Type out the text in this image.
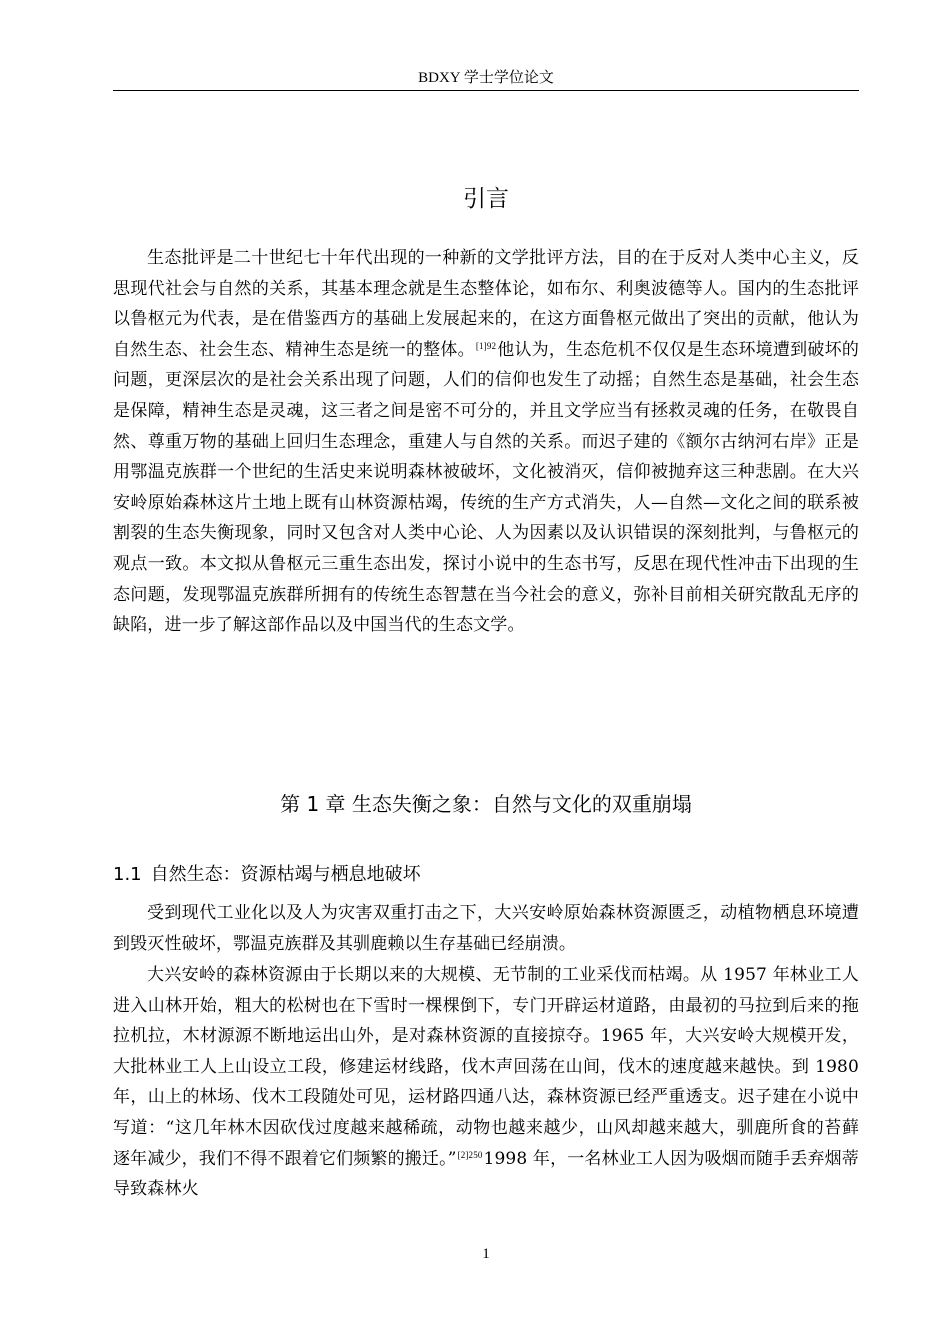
BDXY 学士学位论文
引言

生态批评是二十世纪七十年代出现的一种新的文学批评方法，目的在于反对人类中心主义，反思现代社会与自然的关系，其基本理念就是生态整体论，如布尔、利奥波德等人。国内的生态批评以鲁枢元为代表，是在借鉴西方的基础上发展起来的，在这方面鲁枢元做出了突出的贡献，他认为自然生态、社会生态、精神生态是统一的整体。$^{[1]92}$他认为，生态危机不仅仅是生态环境遭到破坏的问题，更深层次的是社会关系出现了问题，人们的信仰也发生了动摇；自然生态是基础，社会生态是保障，精神生态是灵魂，这三者之间是密不可分的，并且文学应当有拯救灵魂的任务，在敬畏自然、尊重万物的基础上回归生态理念，重建人与自然的关系。而迟子建的《额尔古纳河右岸》正是用鄂温克族群一个世纪的生活史来说明森林被破坏，文化被消灭，信仰被抛弃这三种悲剧。在大兴安岭原始森林这片土地上既有山林资源枯竭，传统的生产方式消失，人—自然—文化之间的联系被割裂的生态失衡现象，同时又包含对人类中心论、人为因素以及认识错误的深刻批判，与鲁枢元的观点一致。本文拟从鲁枢元三重生态出发，探讨小说中的生态书写，反思在现代性冲击下出现的生态问题，发现鄂温克族群所拥有的传统生态智慧在当今社会的意义，弥补目前相关研究散乱无序的缺陷，进一步了解这部作品以及中国当代的生态文学。

第 1 章 生态失衡之象：自然与文化的双重崩塌
1.1 自然生态：资源枯竭与栖息地破坏

受到现代工业化以及人为灾害双重打击之下，大兴安岭原始森林资源匮乏，动植物栖息环境遭到毁灭性破坏，鄂温克族群及其驯鹿赖以生存基础已经崩溃。

大兴安岭的森林资源由于长期以来的大规模、无节制的工业采伐而枯竭。从 1957 年林业工人进入山林开始，粗大的松树也在下雪时一棵棵倒下，专门开辟运材道路，由最初的马拉到后来的拖拉机拉，木材源源不断地运出山外，是对森林资源的直接掠夺。1965 年，大兴安岭大规模开发，大批林业工人上山设立工段，修建运材线路，伐木声回荡在山间，伐木的速度越来越快。到 1980 年，山上的林场、伐木工段随处可见，运材路四通八达，森林资源已经严重透支。迟子建在小说中写道：“这几年林木因砍伐过度越来越稀疏，动物也越来越少，山风却越来越大，驯鹿所食的苔藓逐年减少，我们不得不跟着它们频繁的搬迁。”$^{[2]250}$1998 年，一名林业工人因为吸烟而随手丢弃烟蒂导致森林火

1
